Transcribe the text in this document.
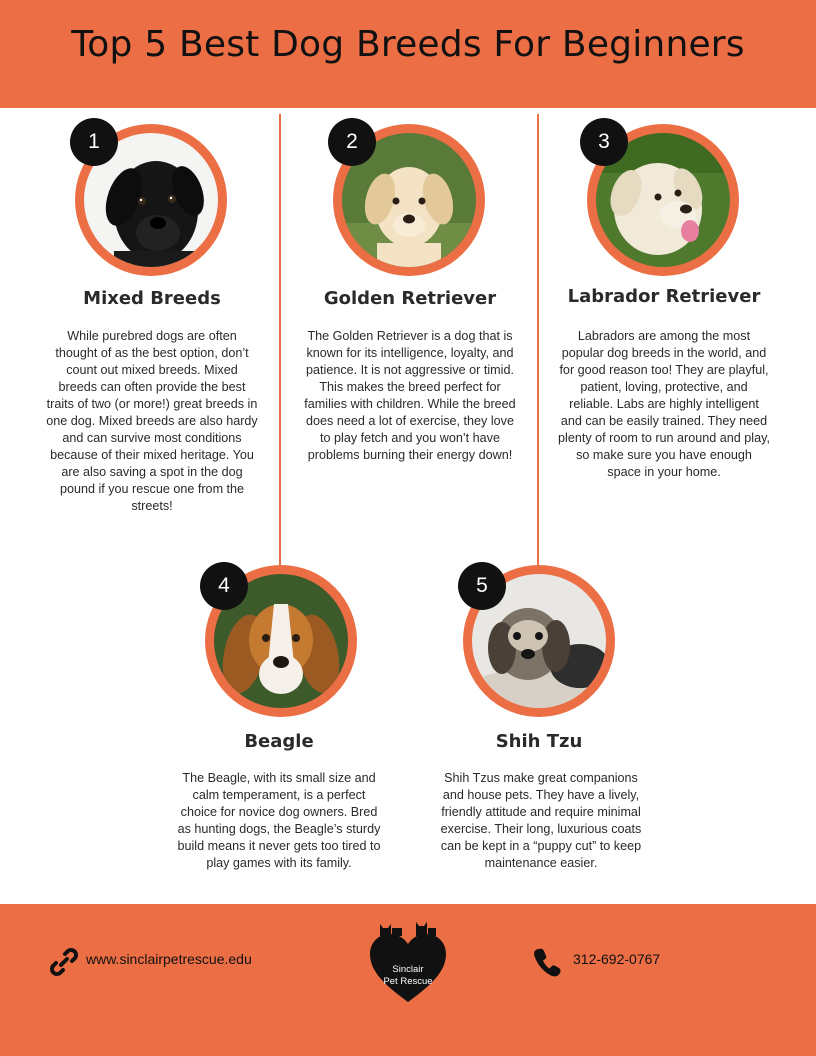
Top 5 Best Dog Breeds For Beginners
1
Mixed Breeds
While purebred dogs are often thought of as the best option, don’t count out mixed breeds. Mixed breeds can often provide the best traits of two (or more!) great breeds in one dog. Mixed breeds are also hardy and can survive most conditions because of their mixed heritage. You are also saving a spot in the dog pound if you rescue one from the streets!
2
Golden Retriever
The Golden Retriever is a dog that is known for its intelligence, loyalty, and patience. It is not aggressive or timid. This makes the breed perfect for families with children. While the breed does need a lot of exercise, they love to play fetch and you won’t have problems burning their energy down!
3
Labrador Retriever
Labradors are among the most popular dog breeds in the world, and for good reason too! They are playful, patient, loving, protective, and reliable. Labs are highly intelligent and can be easily trained. They need plenty of room to run around and play, so make sure you have enough space in your home.
4
Beagle
The Beagle, with its small size and calm temperament, is a perfect choice for novice dog owners. Bred as hunting dogs, the Beagle’s sturdy build means it never gets too tired to play games with its family.
5
Shih Tzu
Shih Tzus make great companions and house pets. They have a lively, friendly attitude and require minimal exercise. Their long, luxurious coats can be kept in a “puppy cut” to keep maintenance easier.
www.sinclairpetrescue.edu
Sinclair
Pet Rescue
312-692-0767
